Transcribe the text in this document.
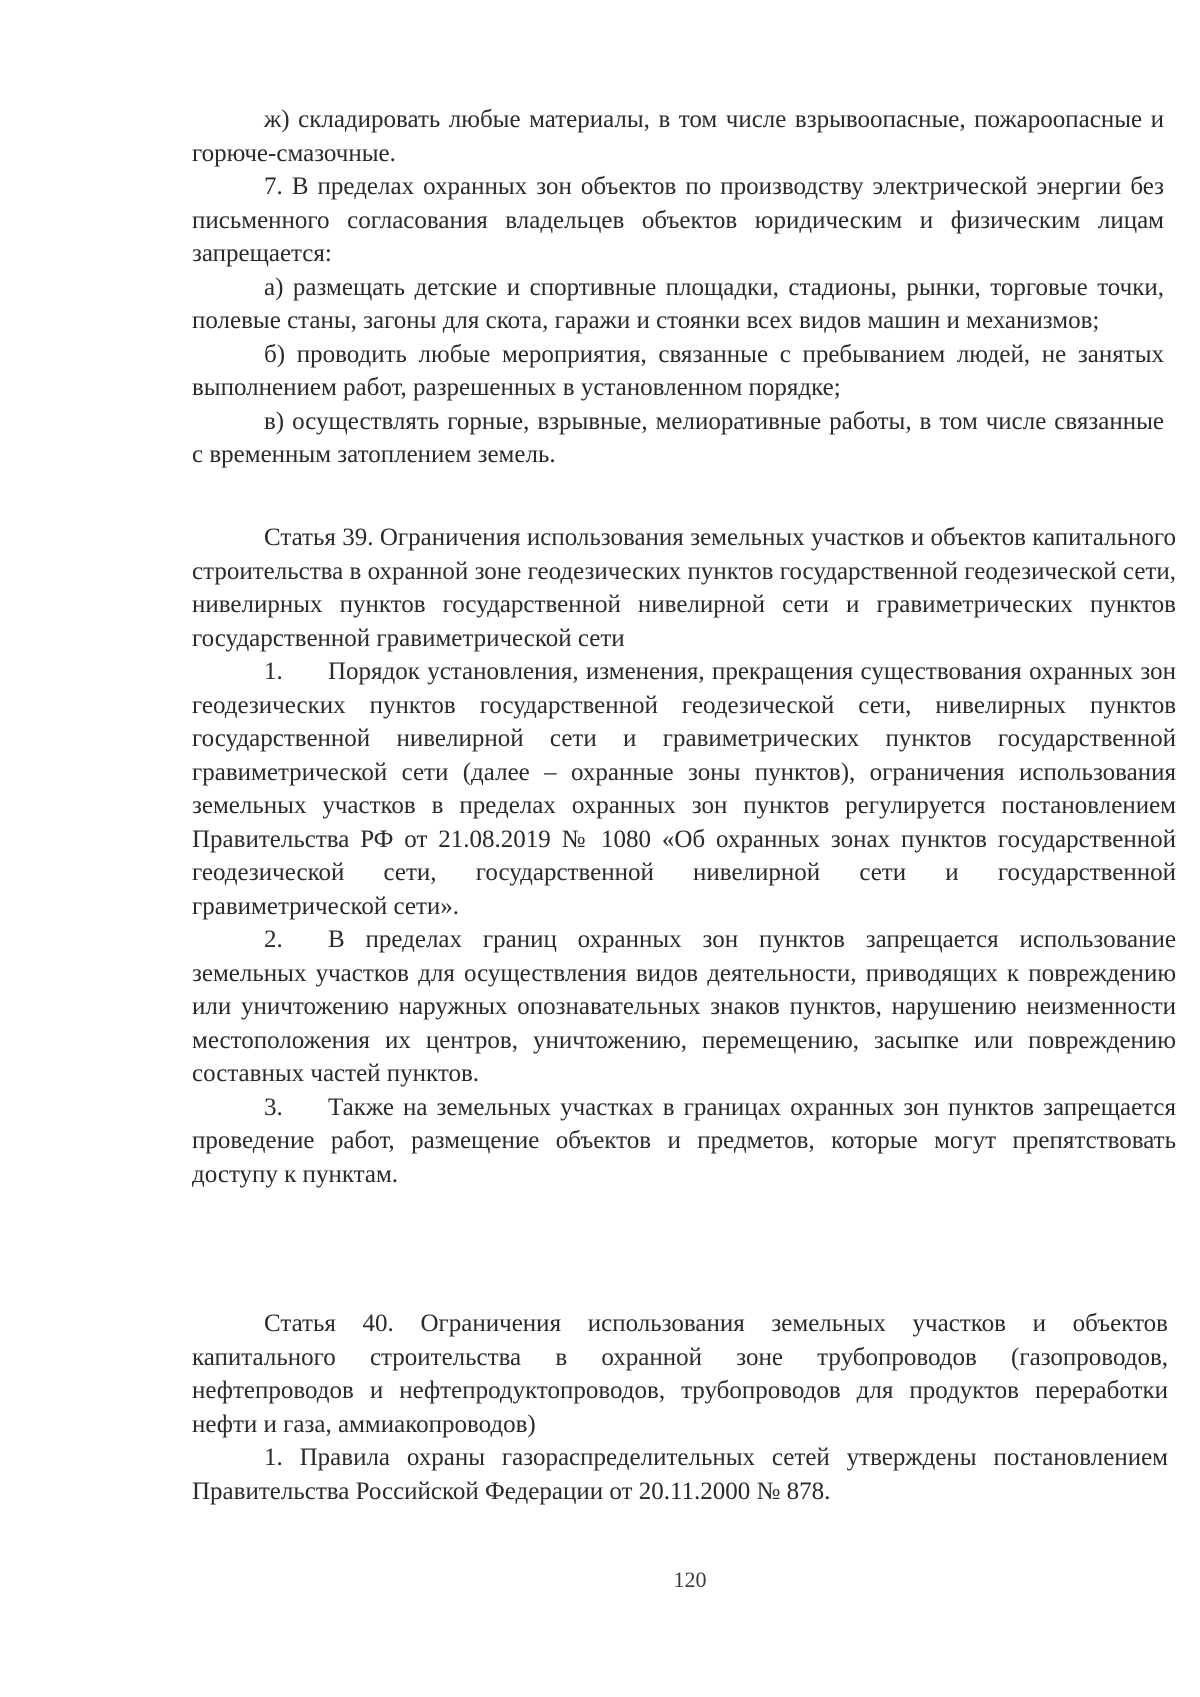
ж) складировать любые материалы, в том числе взрывоопасные, пожароопасные и горюче-смазочные.

7. В пределах охранных зон объектов по производству электрической энергии без письменного согласования владельцев объектов юридическим и физическим лицам запрещается:

а) размещать детские и спортивные площадки, стадионы, рынки, торговые точки, полевые станы, загоны для скота, гаражи и стоянки всех видов машин и механизмов;

б) проводить любые мероприятия, связанные с пребыванием людей, не занятых выполнением работ, разрешенных в установленном порядке;

в) осуществлять горные, взрывные, мелиоративные работы, в том числе связанные с временным затоплением земель.

Статья 39. Ограничения использования земельных участков и объектов капитального строительства в охранной зоне геодезических пунктов государственной геодезической сети, нивелирных пунктов государственной нивелирной сети и гравиметрических пунктов государственной гравиметрической сети

1. Порядок установления, изменения, прекращения существования охранных зон геодезических пунктов государственной геодезической сети, нивелирных пунктов государственной нивелирной сети и гравиметрических пунктов государственной гравиметрической сети (далее – охранные зоны пунктов), ограничения использования земельных участков в пределах охранных зон пунктов регулируется постановлением Правительства РФ от 21.08.2019 № 1080 «Об охранных зонах пунктов государственной геодезической сети, государственной нивелирной сети и государственной гравиметрической сети».

2. В пределах границ охранных зон пунктов запрещается использование земельных участков для осуществления видов деятельности, приводящих к повреждению или уничтожению наружных опознавательных знаков пунктов, нарушению неизменности местоположения их центров, уничтожению, перемещению, засыпке или повреждению составных частей пунктов.

3. Также на земельных участках в границах охранных зон пунктов запрещается проведение работ, размещение объектов и предметов, которые могут препятствовать доступу к пунктам.

Статья 40. Ограничения использования земельных участков и объектов капитального строительства в охранной зоне трубопроводов (газопроводов, нефтепроводов и нефтепродуктопроводов, трубопроводов для продуктов переработки нефти и газа, аммиакопроводов)

1. Правила охраны газораспределительных сетей утверждены постановлением Правительства Российской Федерации от 20.11.2000 № 878.

120
